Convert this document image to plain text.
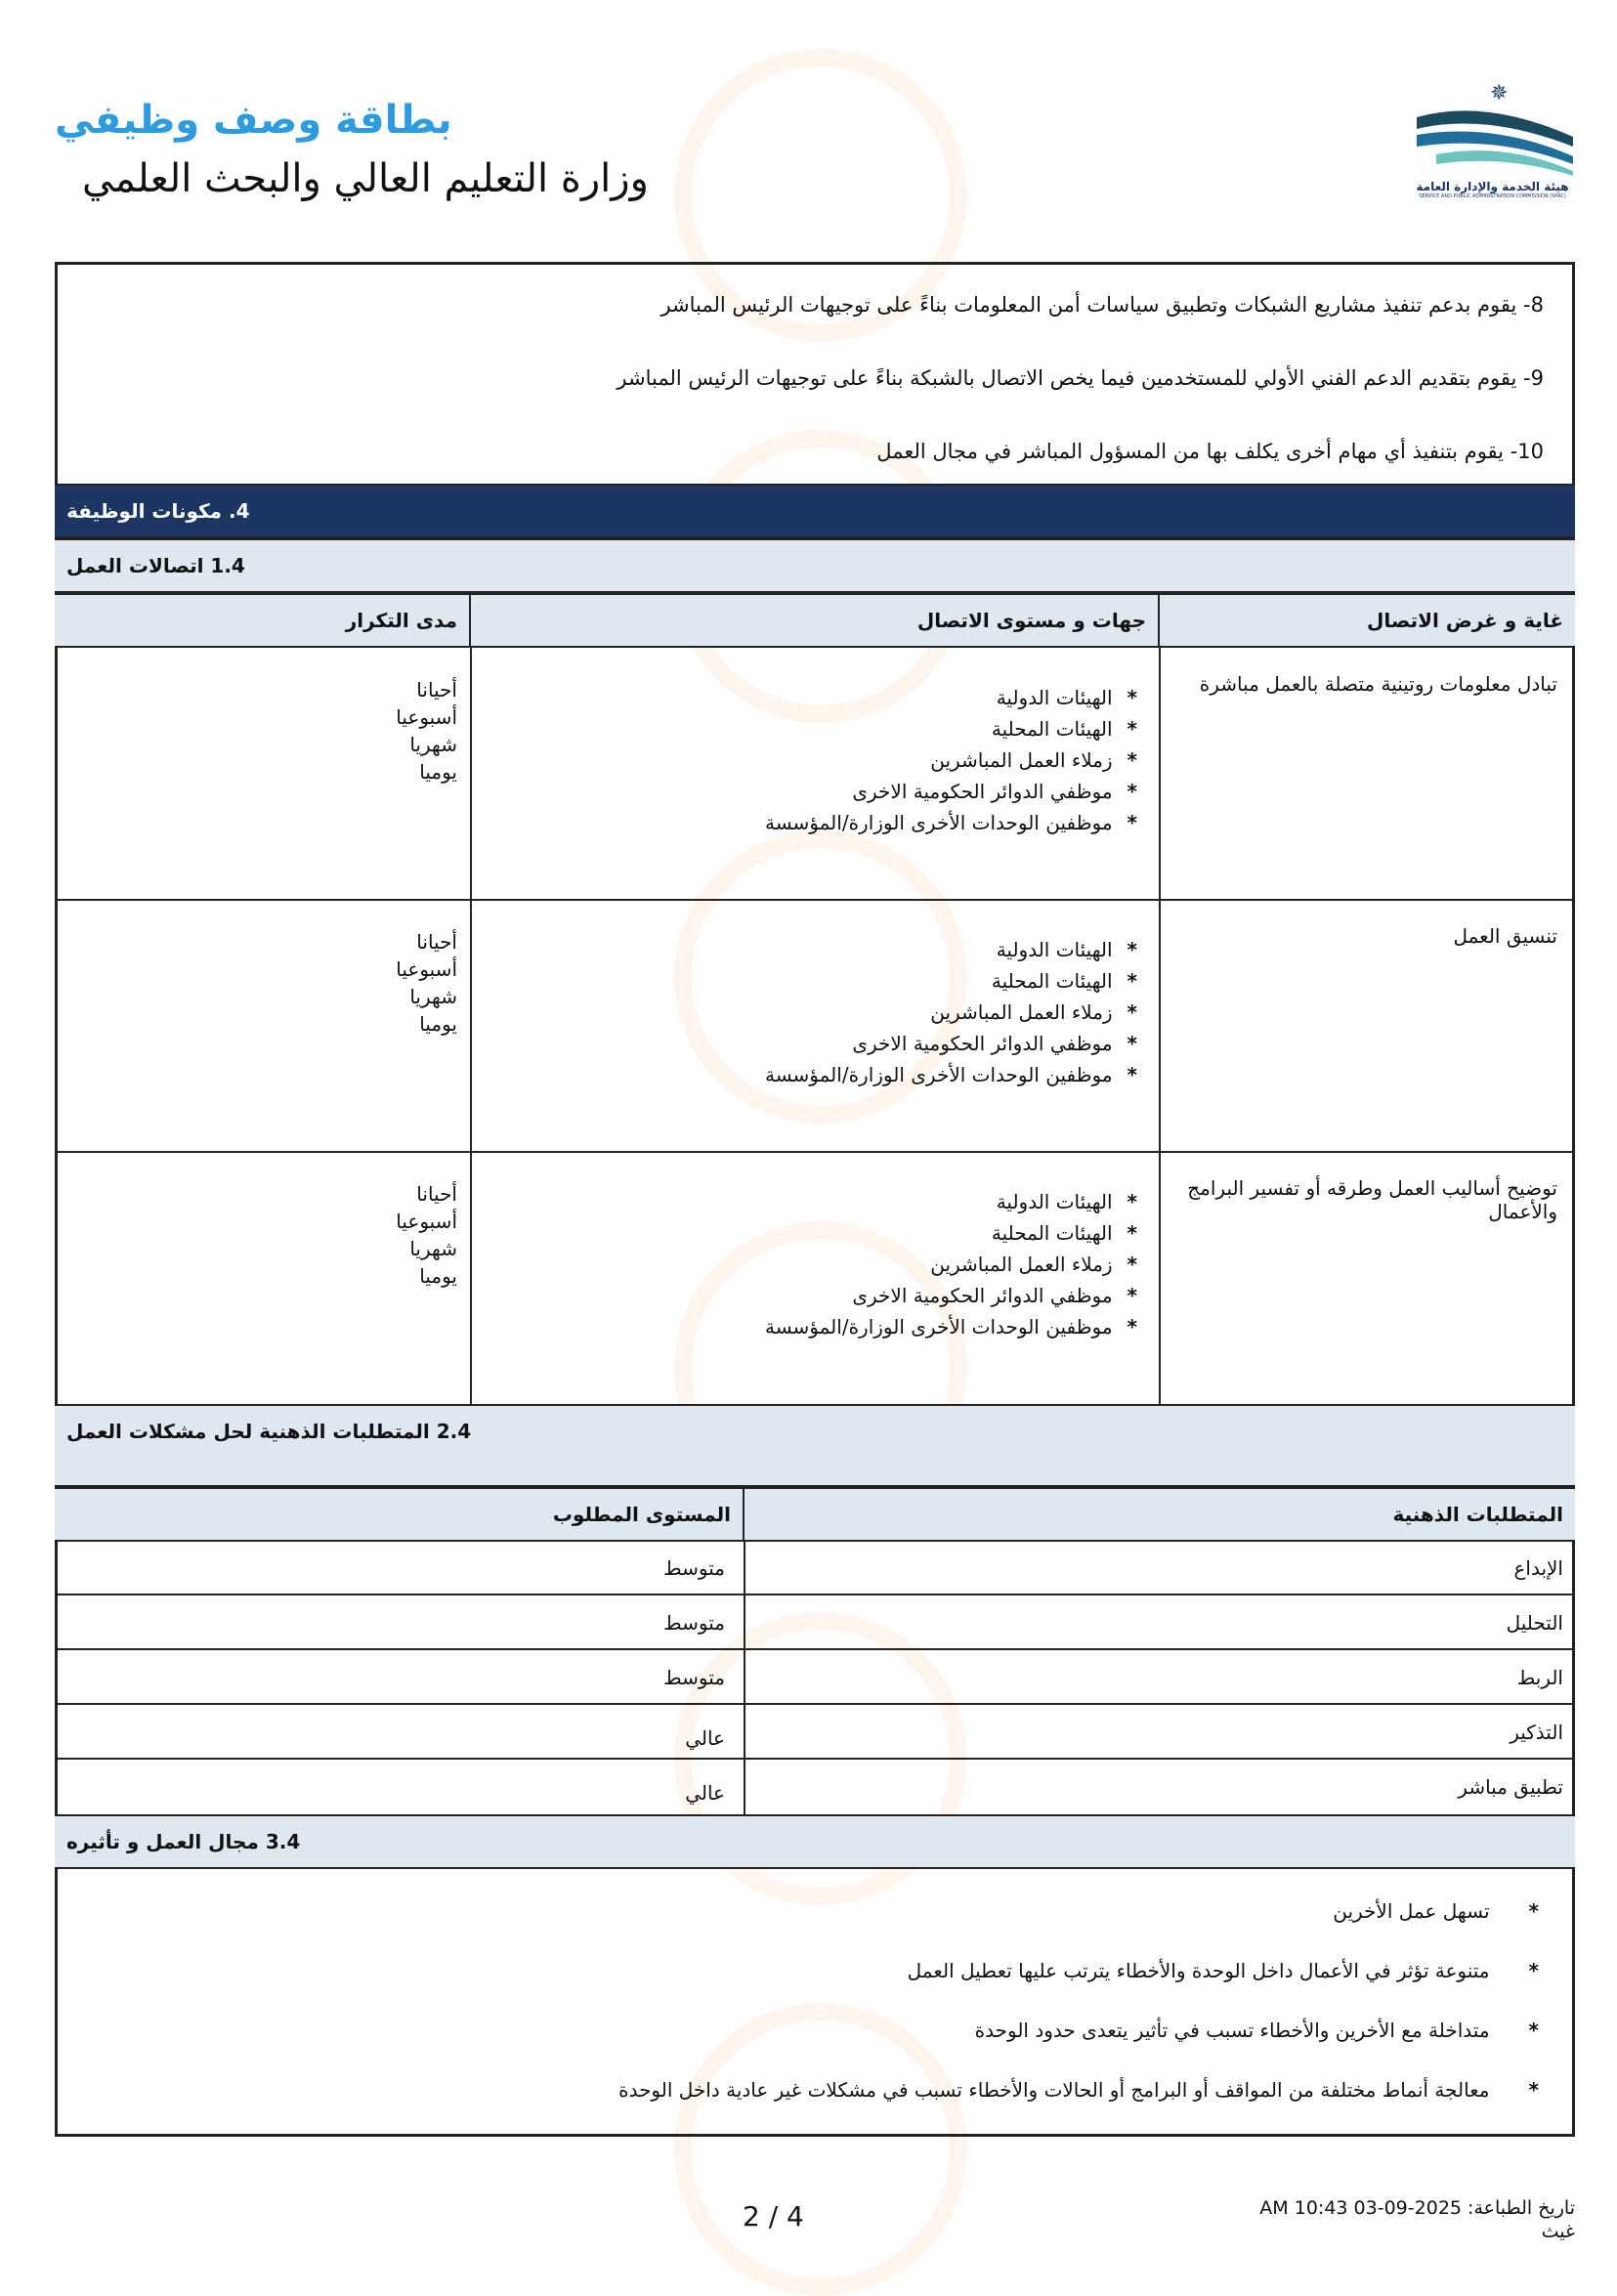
بطاقة وصف وظيفي
وزارة التعليم العالي والبحث العلمي
✵
هيئة الخدمة والإدارة العامة
SERVICE AND PUBLIC ADMINISTRATION COMMISSION (SPAC)
8- يقوم بدعم تنفيذ مشاريع الشبكات وتطبيق سياسات أمن المعلومات بناءً على توجيهات الرئيس المباشر
9- يقوم بتقديم الدعم الفني الأولي للمستخدمين فيما يخص الاتصال بالشبكة بناءً على توجيهات الرئيس المباشر
10- يقوم بتنفيذ أي مهام أخرى يكلف بها من المسؤول المباشر في مجال العمل
4. مكونات الوظيفة
1.4 اتصالات العمل
غاية و غرض الاتصال
جهات و مستوى الاتصال
مدى التكرار
تبادل معلومات روتينية متصلة بالعمل مباشرة
* الهيئات الدولية
* الهيئات المحلية
* زملاء العمل المباشرين
* موظفي الدوائر الحكومية الاخرى
* موظفين الوحدات الأخرى الوزارة/المؤسسة
أحيانا
أسبوعيا
شهريا
يوميا
تنسيق العمل
* الهيئات الدولية
* الهيئات المحلية
* زملاء العمل المباشرين
* موظفي الدوائر الحكومية الاخرى
* موظفين الوحدات الأخرى الوزارة/المؤسسة
أحيانا
أسبوعيا
شهريا
يوميا
توضيح أساليب العمل وطرقه أو تفسير البرامج والأعمال
* الهيئات الدولية
* الهيئات المحلية
* زملاء العمل المباشرين
* موظفي الدوائر الحكومية الاخرى
* موظفين الوحدات الأخرى الوزارة/المؤسسة
أحيانا
أسبوعيا
شهريا
يوميا
2.4 المتطلبات الذهنية لحل مشكلات العمل
المتطلبات الذهنية
المستوى المطلوب
الإبداع
متوسط
التحليل
متوسط
الربط
متوسط
التذكير
عالي
تطبيق مباشر
عالي
3.4 مجال العمل و تأثيره
*تسهل عمل الأخرين
*متنوعة تؤثر في الأعمال داخل الوحدة والأخطاء يترتب عليها تعطيل العمل
*متداخلة مع الأخرين والأخطاء تسبب في تأثير يتعدى حدود الوحدة
*معالجة أنماط مختلفة من المواقف أو البرامج أو الحالات والأخطاء تسبب في مشكلات غير عادية داخل الوحدة
2 / 4	تاريخ الطباعة: 2025-09-03 10:43 AM
غيث
